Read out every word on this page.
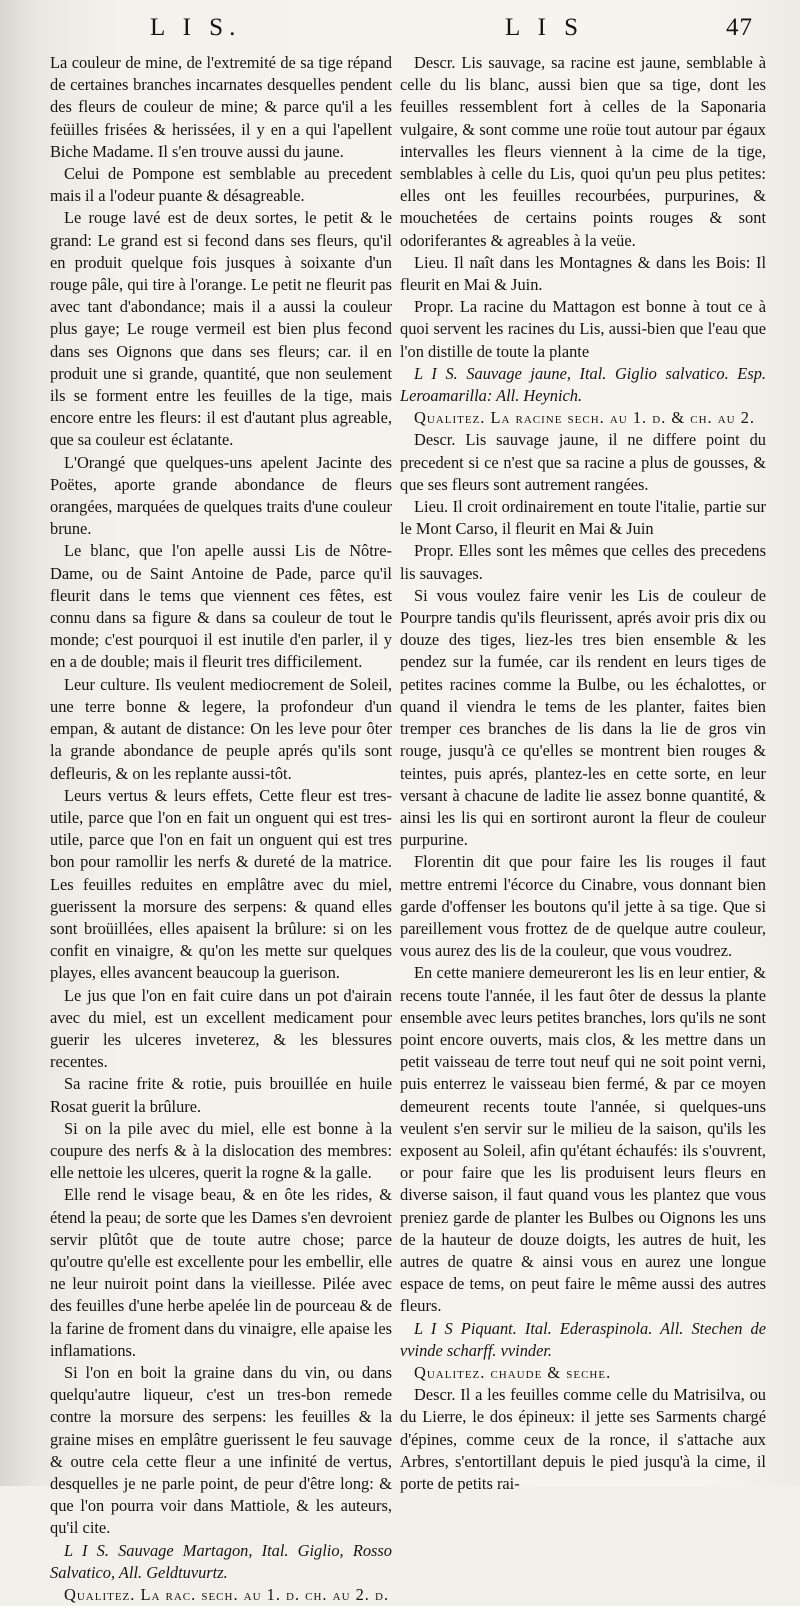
L I S.	L I S	47

La couleur de mine, de l'extremité de sa tige répand de certaines branches incarnates desquelles pendent des fleurs de couleur de mine; & parce qu'il a les feüilles frisées & herissées, il y en a qui l'apellent Biche Madame. Il s'en trouve aussi du jaune.

Celui de Pompone est semblable au precedent mais il a l'odeur puante & désagreable.

Le rouge lavé est de deux sortes, le petit & le grand: Le grand est si fecond dans ses fleurs, qu'il en produit quelque fois jusques à soixante d'un rouge pâle, qui tire à l'orange. Le petit ne fleurit pas avec tant d'abondance; mais il a aussi la couleur plus gaye; Le rouge vermeil est bien plus fecond dans ses Oignons que dans ses fleurs; car. il en produit une si grande, quantité, que non seulement ils se forment entre les feuilles de la tige, mais encore entre les fleurs: il est d'autant plus agreable, que sa couleur est éclatante.

L'Orangé que quelques-uns apelent Jacinte des Poëtes, aporte grande abondance de fleurs orangées, marquées de quelques traits d'une couleur brune.

Le blanc, que l'on apelle aussi Lis de Nôtre-Dame, ou de Saint Antoine de Pade, parce qu'il fleurit dans le tems que viennent ces fêtes, est connu dans sa figure & dans sa couleur de tout le monde; c'est pourquoi il est inutile d'en parler, il y en a de double; mais il fleurit tres difficilement.

Leur culture. Ils veulent mediocrement de Soleil, une terre bonne & legere, la profondeur d'un empan, & autant de distance: On les leve pour ôter la grande abondance de peuple aprés qu'ils sont defleuris, & on les replante aussi-tôt.

Leurs vertus & leurs effets, Cette fleur est tres-utile, parce que l'on en fait un onguent qui est tres-utile, parce que l'on en fait un onguent qui est tres bon pour ramollir les nerfs & dureté de la matrice. Les feuilles reduites en emplâtre avec du miel, guerissent la morsure des serpens: & quand elles sont broüillées, elles apaisent la brûlure: si on les confit en vinaigre, & qu'on les mette sur quelques playes, elles avancent beaucoup la guerison.

Le jus que l'on en fait cuire dans un pot d'airain avec du miel, est un excellent medicament pour guerir les ulceres inveterez, & les blessures recentes.

Sa racine frite & rotie, puis brouillée en huile Rosat guerit la brûlure.

Si on la pile avec du miel, elle est bonne à la coupure des nerfs & à la dislocation des membres: elle nettoie les ulceres, querit la rogne & la galle.

Elle rend le visage beau, & en ôte les rides, & étend la peau; de sorte que les Dames s'en devroient servir plûtôt que de toute autre chose; parce qu'outre qu'elle est excellente pour les embellir, elle ne leur nuiroit point dans la vieillesse. Pilée avec des feuilles d'une herbe apelée lin de pourceau & de la farine de froment dans du vinaigre, elle apaise les inflamations.

Si l'on en boit la graine dans du vin, ou dans quelqu'autre liqueur, c'est un tres-bon remede contre la morsure des serpens: les feuilles & la graine mises en emplâtre guerissent le feu sauvage & outre cela cette fleur a une infinité de vertus, desquelles je ne parle point, de peur d'être long: & que l'on pourra voir dans Mattiole, & les auteurs, qu'il cite.

L I S. Sauvage Martagon, Ital. Giglio, Rosso Salvatico, All. Geldtuvurtz.

Qualitez. La rac. sech. au 1. d. ch. au 2. d.

Descr. Lis sauvage, sa racine est jaune, semblable à celle du lis blanc, aussi bien que sa tige, dont les feuilles ressemblent fort à celles de la Saponaria vulgaire, & sont comme une roüe tout autour par égaux intervalles les fleurs viennent à la cime de la tige, semblables à celle du Lis, quoi qu'un peu plus petites: elles ont les feuilles recourbées, purpurines, & mouchetées de certains points rouges & sont odoriferantes & agreables à la veüe.

Lieu. Il naît dans les Montagnes & dans les Bois: Il fleurit en Mai & Juin.

Propr. La racine du Mattagon est bonne à tout ce à quoi servent les racines du Lis, aussi-bien que l'eau que l'on distille de toute la plante

L I S. Sauvage jaune, Ital. Giglio salvatico. Esp. Leroamarilla: All. Heynich.

Qualitez. La racine sech. au 1. d. & ch. au 2.

Descr. Lis sauvage jaune, il ne differe point du precedent si ce n'est que sa racine a plus de gousses, & que ses fleurs sont autrement rangées.

Lieu. Il croit ordinairement en toute l'italie, partie sur le Mont Carso, il fleurit en Mai & Juin

Propr. Elles sont les mêmes que celles des precedens lis sauvages.

Si vous voulez faire venir les Lis de couleur de Pourpre tandis qu'ils fleurissent, aprés avoir pris dix ou douze des tiges, liez-les tres bien ensemble & les pendez sur la fumée, car ils rendent en leurs tiges de petites racines comme la Bulbe, ou les échalottes, or quand il viendra le tems de les planter, faites bien tremper ces branches de lis dans la lie de gros vin rouge, jusqu'à ce qu'elles se montrent bien rouges & teintes, puis aprés, plantez-les en cette sorte, en leur versant à chacune de ladite lie assez bonne quantité, & ainsi les lis qui en sortiront auront la fleur de couleur purpurine.

Florentin dit que pour faire les lis rouges il faut mettre entremi l'écorce du Cinabre, vous donnant bien garde d'offenser les boutons qu'il jette à sa tige. Que si pareillement vous frottez de de quelque autre couleur, vous aurez des lis de la couleur, que vous voudrez.

En cette maniere demeureront les lis en leur entier, & recens toute l'année, il les faut ôter de dessus la plante ensemble avec leurs petites branches, lors qu'ils ne sont point encore ouverts, mais clos, & les mettre dans un petit vaisseau de terre tout neuf qui ne soit point verni, puis enterrez le vaisseau bien fermé, & par ce moyen demeurent recents toute l'année, si quelques-uns veulent s'en servir sur le milieu de la saison, qu'ils les exposent au Soleil, afin qu'étant échaufés: ils s'ouvrent, or pour faire que les lis produisent leurs fleurs en diverse saison, il faut quand vous les plantez que vous preniez garde de planter les Bulbes ou Oignons les uns de la hauteur de douze doigts, les autres de huit, les autres de quatre & ainsi vous en aurez une longue espace de tems, on peut faire le même aussi des autres fleurs.

L I S Piquant. Ital. Ederaspinola. All. Stechen de vvinde scharff. vvinder.

Qualitez. chaude & seche.

Descr. Il a les feuilles comme celle du Matrisilva, ou du Lierre, le dos épineux: il jette ses Sarments chargé d'épines, comme ceux de la ronce, il s'attache aux Arbres, s'entortillant depuis le pied jusqu'à la cime, il porte de petits rai-
